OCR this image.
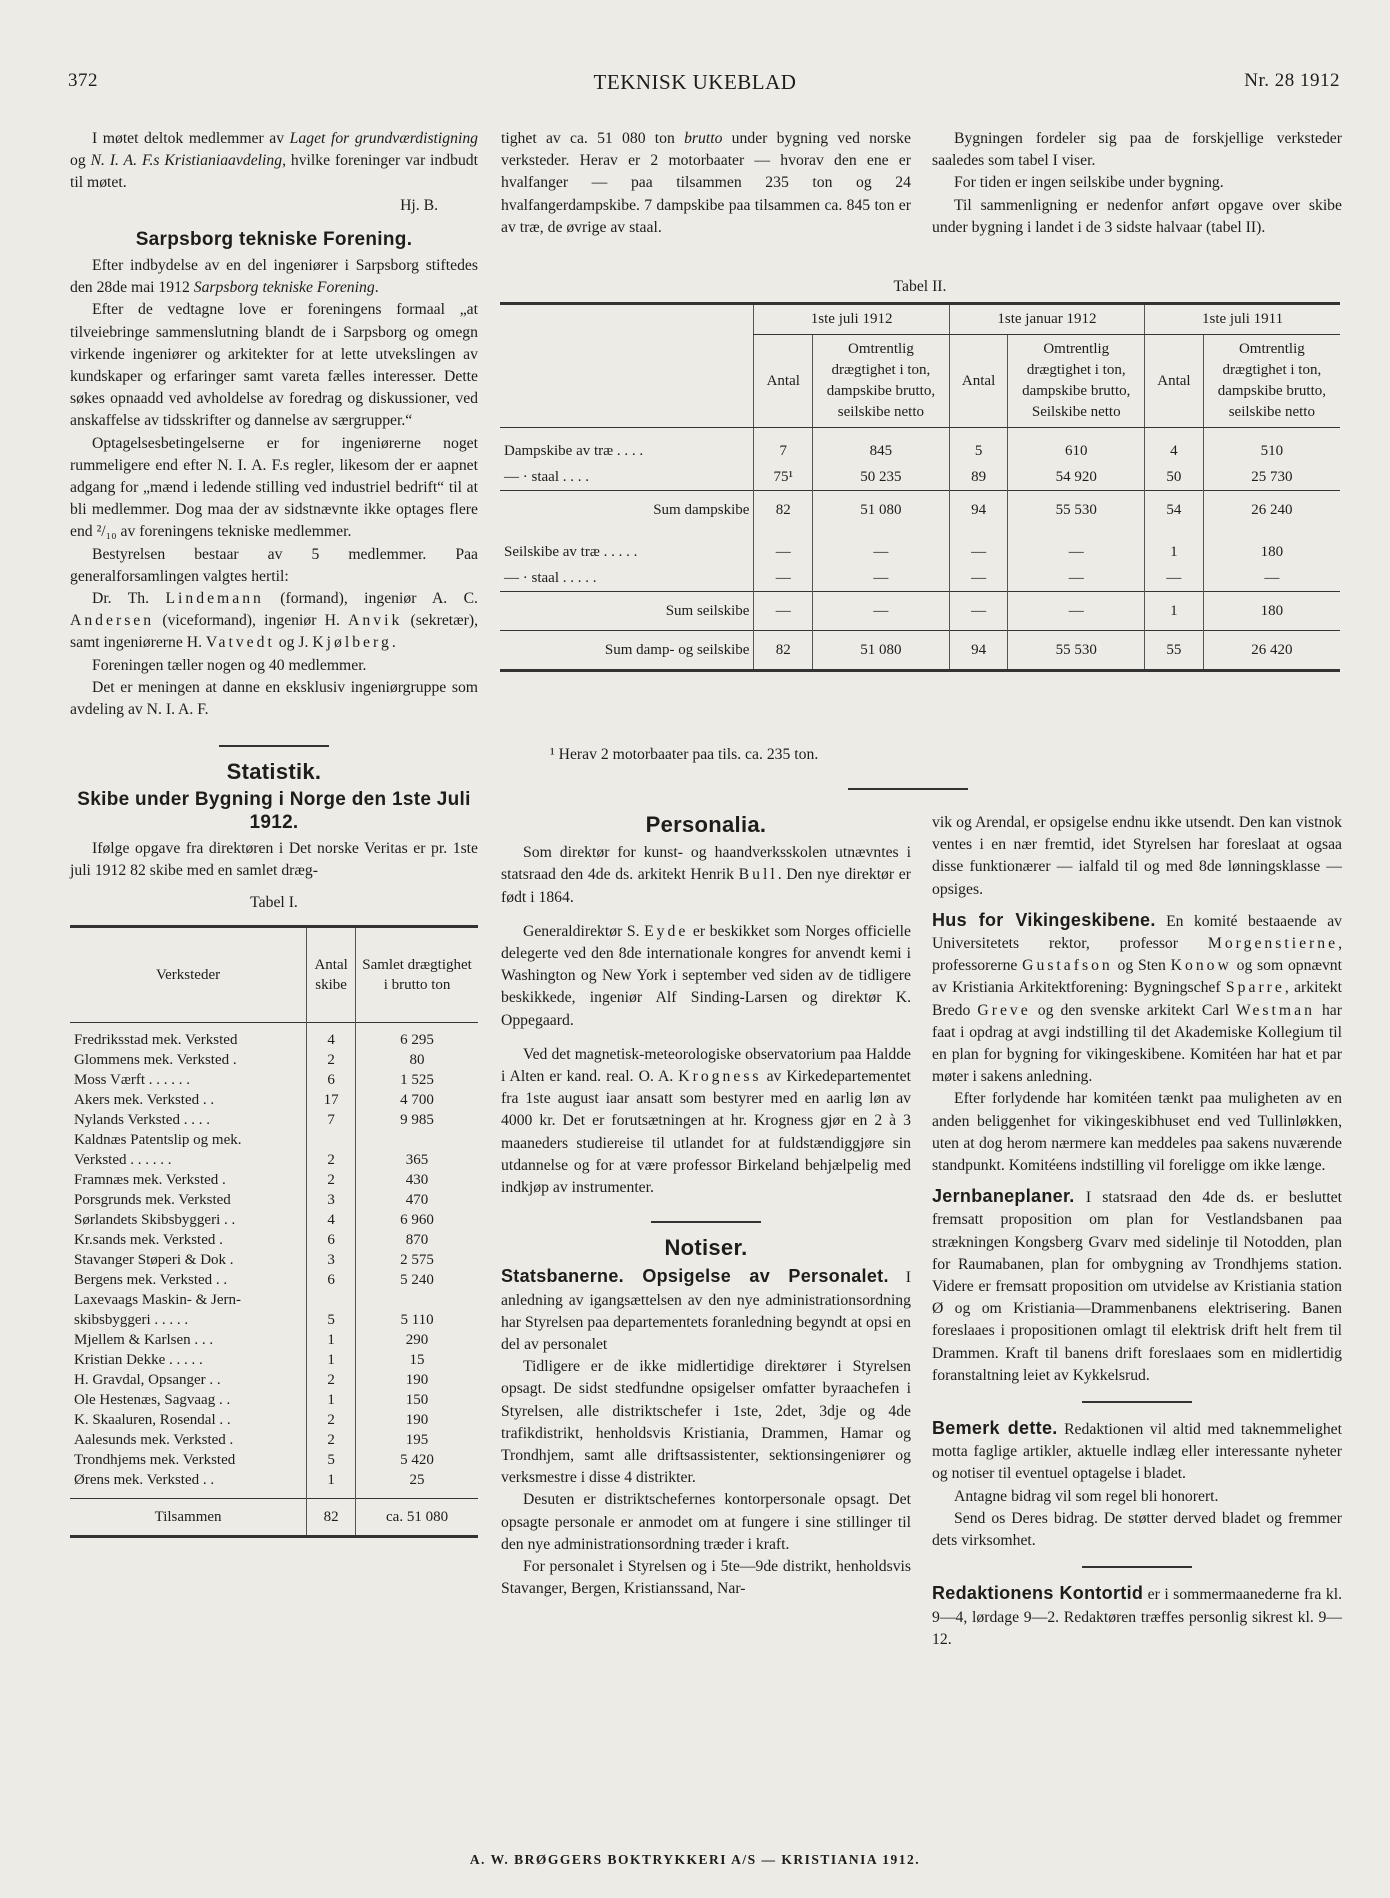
372	TEKNISK UKEBLAD	Nr. 28 1912

I møtet deltok medlemmer av Laget for grundværdistigning og N. I. A. F.s Kristianiaavdeling, hvilke foreninger var indbudt til møtet.

Hj. B.

Sarpsborg tekniske Forening.

Efter indbydelse av en del ingeniører i Sarpsborg stiftedes den 28de mai 1912 Sarpsborg tekniske Forening.

Efter de vedtagne love er foreningens formaal „at tilveiebringe sammenslutning blandt de i Sarpsborg og omegn virkende ingeniører og arkitekter for at lette utvekslingen av kundskaper og erfaringer samt vareta fælles interesser. Dette søkes opnaadd ved avholdelse av foredrag og diskussioner, ved anskaffelse av tidsskrifter og dannelse av særgrupper.“

Optagelsesbetingelserne er for ingeniørerne noget rummeligere end efter N. I. A. F.s regler, likesom der er aapnet adgang for „mænd i ledende stilling ved industriel bedrift“ til at bli medlemmer. Dog maa der av sidstnævnte ikke optages flere end ²/₁₀ av foreningens tekniske medlemmer.

Bestyrelsen bestaar av 5 medlemmer. Paa generalforsamlingen valgtes hertil:

Dr. Th. Lindemann (formand), ingeniør A. C. Andersen (viceformand), ingeniør H. Anvik (sekretær), samt ingeniørerne H. Vatvedt og J. Kjølberg.

Foreningen tæller nogen og 40 medlemmer.

Det er meningen at danne en eksklusiv ingeniørgruppe som avdeling av N. I. A. F.

Statistik.
Skibe under Bygning i Norge den 1ste Juli 1912.

Ifølge opgave fra direktøren i Det norske Veritas er pr. 1ste juli 1912 82 skibe med en samlet dræg-

Tabel I.
Verksteder	Antal skibe	Samlet drægtighet i brutto ton
Fredriksstad mek. Verksted	4	6 295
Glommens mek. Verksted .	2	80
Moss Værft . . . . . .	6	1 525
Akers mek. Verksted . .	17	4 700
Nylands Verksted . . . .	7	9 985
Kaldnæs Patentslip og mek.		
Verksted . . . . . .	2	365
Framnæs mek. Verksted .	2	430
Porsgrunds mek. Verksted	3	470
Sørlandets Skibsbyggeri . .	4	6 960
Kr.sands mek. Verksted .	6	870
Stavanger Støperi & Dok .	3	2 575
Bergens mek. Verksted . .	6	5 240
Laxevaags Maskin- & Jern-		
skibsbyggeri . . . . .	5	5 110
Mjellem & Karlsen . . .	1	290
Kristian Dekke . . . . .	1	15
H. Gravdal, Opsanger . .	2	190
Ole Hestenæs, Sagvaag . .	1	150
K. Skaaluren, Rosendal . .	2	190
Aalesunds mek. Verksted .	2	195
Trondhjems mek. Verksted	5	5 420
Ørens mek. Verksted . .	1	25

Tilsammen	82	ca. 51 080

tighet av ca. 51 080 ton brutto under bygning ved norske verksteder. Herav er 2 motorbaater — hvorav den ene er hvalfanger — paa tilsammen 235 ton og 24 hvalfangerdampskibe. 7 dampskibe paa tilsammen ca. 845 ton er av træ, de øvrige av staal.

Bygningen fordeler sig paa de forskjellige verksteder saaledes som tabel I viser.

For tiden er ingen seilskibe under bygning.

Til sammenligning er nedenfor anført opgave over skibe under bygning i landet i de 3 sidste halvaar (tabel II).

Tabel II.
	1ste juli 1912		1ste januar 1912		1ste juli 1911	
	Antal	Omtrentlig drægtighet i ton, dampskibe brutto, seilskibe netto	Antal	Omtrentlig drægtighet i ton, dampskibe brutto, Seilskibe netto	Antal	Omtrentlig drægtighet i ton, dampskibe brutto, seilskibe netto
Dampskibe av træ . . . .	7	845	5	610	4	510
— · staal . . . .	75¹	50 235	89	54 920	50	25 730
Sum dampskibe	82	51 080	94	55 530	54	26 240
Seilskibe av træ . . . . .	—	—	—	—	1	180
— · staal . . . . .	—	—	—	—	—	—
Sum seilskibe	—	—	—	—	1	180
Sum damp- og seilskibe	82	51 080	94	55 530	55	26 420
¹ Herav 2 motorbaater paa tils. ca. 235 ton.
Personalia.

Som direktør for kunst- og haandverksskolen utnævntes i statsraad den 4de ds. arkitekt Henrik Bull. Den nye direktør er født i 1864.

Generaldirektør S. Eyde er beskikket som Norges officielle delegerte ved den 8de internationale kongres for anvendt kemi i Washington og New York i september ved siden av de tidligere beskikkede, ingeniør Alf Sinding-Larsen og direktør K. Oppegaard.

Ved det magnetisk-meteorologiske observatorium paa Haldde i Alten er kand. real. O. A. Krogness av Kirkedepartementet fra 1ste august iaar ansatt som bestyrer med en aarlig løn av 4000 kr. Det er forutsætningen at hr. Krogness gjør en 2 à 3 maaneders studiereise til utlandet for at fuldstændiggjøre sin utdannelse og for at være professor Birkeland behjælpelig med indkjøp av instrumenter.

Notiser.

Statsbanerne. Opsigelse av Personalet. I anledning av igangsættelsen av den nye administrationsordning har Styrelsen paa departementets foranledning begyndt at opsi en del av personalet

Tidligere er de ikke midlertidige direktører i Styrelsen opsagt. De sidst stedfundne opsigelser omfatter byraachefen i Styrelsen, alle distriktschefer i 1ste, 2det, 3dje og 4de trafikdistrikt, henholdsvis Kristiania, Drammen, Hamar og Trondhjem, samt alle driftsassistenter, sektionsingeniører og verksmestre i disse 4 distrikter.

Desuten er distriktschefernes kontorpersonale opsagt. Det opsagte personale er anmodet om at fungere i sine stillinger til den nye administrationsordning træder i kraft.

For personalet i Styrelsen og i 5te—9de distrikt, henholdsvis Stavanger, Bergen, Kristianssand, Nar-

vik og Arendal, er opsigelse endnu ikke utsendt. Den kan vistnok ventes i en nær fremtid, idet Styrelsen har foreslaat at ogsaa disse funktionærer — ialfald til og med 8de lønningsklasse — opsiges.

Hus for Vikingeskibene. En komité bestaaende av Universitetets rektor, professor Morgenstierne, professorerne Gustafson og Sten Konow og som opnævnt av Kristiania Arkitektforening: Bygningschef Sparre, arkitekt Bredo Greve og den svenske arkitekt Carl Westman har faat i opdrag at avgi indstilling til det Akademiske Kollegium til en plan for bygning for vikingeskibene. Komitéen har hat et par møter i sakens anledning.

Efter forlydende har komitéen tænkt paa muligheten av en anden beliggenhet for vikingeskibhuset end ved Tullinløkken, uten at dog herom nærmere kan meddeles paa sakens nuværende standpunkt. Komitéens indstilling vil foreligge om ikke længe.

Jernbaneplaner. I statsraad den 4de ds. er besluttet fremsatt proposition om plan for Vestlandsbanen paa strækningen Kongsberg Gvarv med sidelinje til Notodden, plan for Raumabanen, plan for ombygning av Trondhjems station. Videre er fremsatt proposition om utvidelse av Kristiania station Ø og om Kristiania—Drammenbanens elektrisering. Banen foreslaaes i propositionen omlagt til elektrisk drift helt frem til Drammen. Kraft til banens drift foreslaaes som en midlertidig foranstaltning leiet av Kykkelsrud.

Bemerk dette. Redaktionen vil altid med taknemmelighet motta faglige artikler, aktuelle indlæg eller interessante nyheter og notiser til eventuel optagelse i bladet.

Antagne bidrag vil som regel bli honorert.

Send os Deres bidrag. De støtter derved bladet og fremmer dets virksomhet.

Redaktionens Kontortid er i sommermaanederne fra kl. 9—4, lørdage 9—2. Redaktøren træffes personlig sikrest kl. 9—12.

A. W. BRØGGERS BOKTRYKKERI A/S — KRISTIANIA 1912.
